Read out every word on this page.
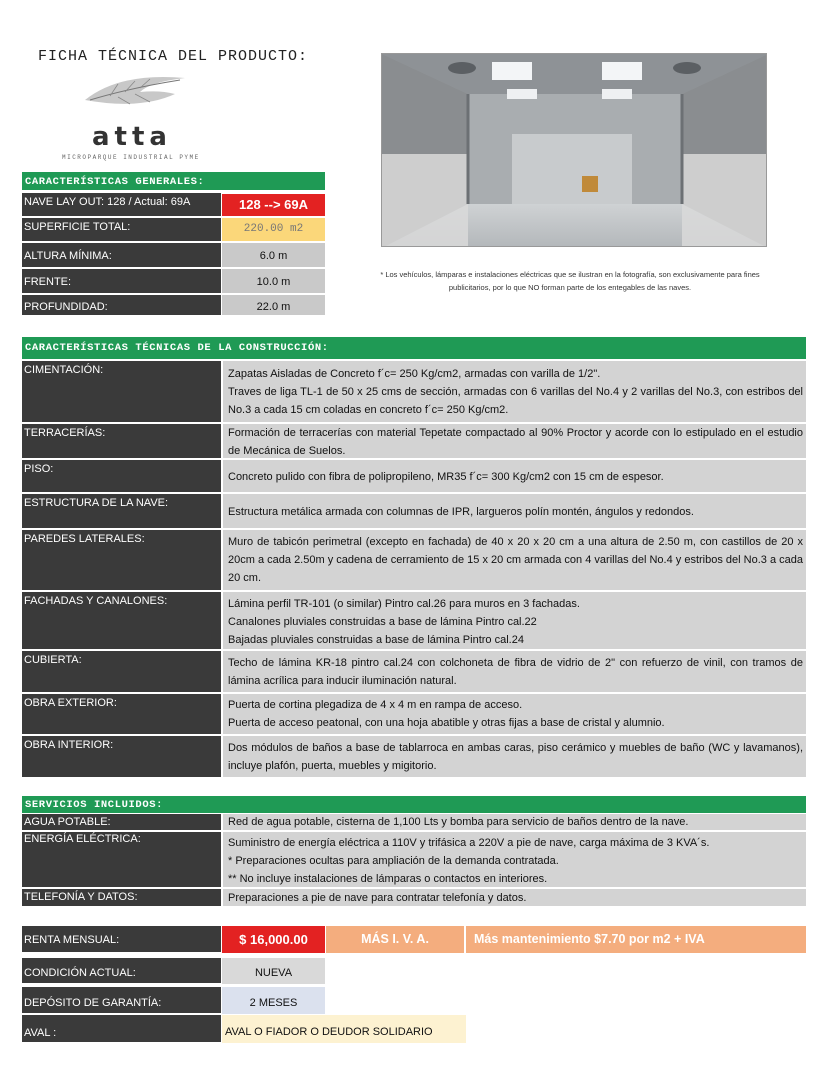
FICHA TÉCNICA DEL PRODUCTO:
atta
MICROPARQUE INDUSTRIAL PYME
* Los vehículos, lámparas e instalaciones eléctricas que se ilustran en la fotografía, son exclusivamente para fines publicitarios, por lo que NO forman parte de los entegables de las naves.
CARACTERÍSTICAS GENERALES:
NAVE LAY OUT: 128 / Actual: 69A	128 --> 69A
SUPERFICIE TOTAL:	220.00 m2
ALTURA MÍNIMA:	6.0 m
FRENTE:	10.0 m
PROFUNDIDAD:	22.0 m
CARACTERÍSTICAS TÉCNICAS DE LA CONSTRUCCIÓN:
CIMENTACIÓN:	Zapatas Aisladas de Concreto f´c= 250 Kg/cm2, armadas con varilla de 1/2".

Traves de liga TL-1 de 50 x 25 cms de sección, armadas con 6 varillas del No.4 y 2 varillas del No.3, con estribos del No.3 a cada 15 cm coladas en concreto f´c= 250 Kg/cm2.

TERRACERÍAS:	Formación de terracerías con material Tepetate compactado al 90% Proctor y acorde con lo estipulado en el estudio de Mecánica de Suelos.

PISO:

Concreto pulido con fibra de polipropileno, MR35 f´c= 300 Kg/cm2 con 15 cm de espesor.

ESTRUCTURA DE LA NAVE:

Estructura metálica armada con columnas de IPR, largueros polín montén, ángulos y redondos.

PAREDES LATERALES:	Muro de tabicón perimetral (excepto en fachada) de 40 x 20 x 20 cm a una altura de 2.50 m, con castillos de 20 x 20cm a cada 2.50m y cadena de cerramiento de 15 x 20 cm armada con 4 varillas del No.4 y estribos del No.3 a cada 20 cm.

FACHADAS Y CANALONES:	Lámina perfil TR-101 (o similar) Pintro cal.26 para muros en 3 fachadas.

Canalones pluviales construidas a base de lámina Pintro cal.22

Bajadas pluviales construidas a base de lámina Pintro cal.24

CUBIERTA:	Techo de lámina KR-18 pintro cal.24 con colchoneta de fibra de vidrio de 2" con refuerzo de vinil, con tramos de lámina acrílica para inducir iluminación natural.

OBRA EXTERIOR:	Puerta de cortina plegadiza de 4 x 4 m en rampa de acceso.

Puerta de acceso peatonal, con una hoja abatible y otras fijas a base de cristal y alumnio.

OBRA INTERIOR:	Dos módulos de baños a base de tablarroca en ambas caras, piso cerámico y muebles de baño (WC y lavamanos), incluye plafón, puerta, muebles y migitorio.

SERVICIOS INCLUIDOS:
AGUA POTABLE:	Red de agua potable, cisterna de 1,100 Lts y bomba para servicio de baños dentro de la nave.

ENERGÍA ELÉCTRICA:	Suministro de energía eléctrica a 110V y trifásica a 220V a pie de nave, carga máxima de 3 KVA´s.

* Preparaciones ocultas para ampliación de la demanda contratada.

** No incluye instalaciones de lámparas o contactos en interiores.

TELEFONÍA Y DATOS:	Preparaciones a pie de nave para contratar telefonía y datos.

RENTA MENSUAL:	$ 16,000.00	MÁS I. V. A.	Más mantenimiento $7.70 por m2 + IVA
CONDICIÓN ACTUAL:	NUEVA
DEPÓSITO DE GARANTÍA:	2 MESES
AVAL :	AVAL O FIADOR O DEUDOR SOLIDARIO
